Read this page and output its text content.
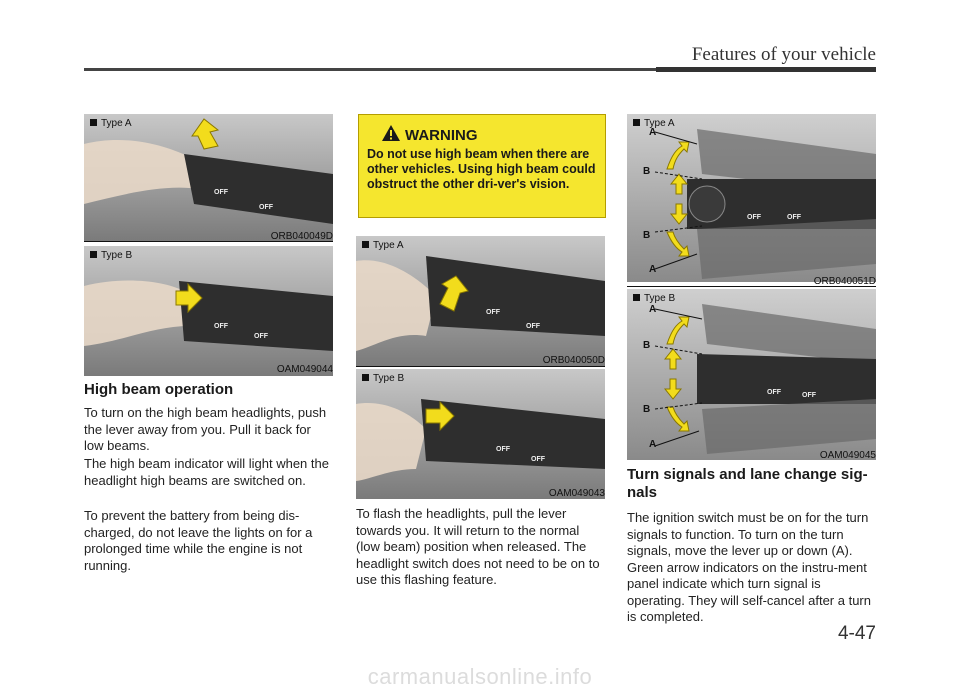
Features of your vehicle
OFF
OFF
Type A
ORB040049D
OFF
OFF
Type B
OAM049044
High beam operation

To turn on the high beam headlights, push the lever away from you. Pull it back for low beams.

The high beam indicator will light when the headlight high beams are switched on.

To prevent the battery from being dis-charged, do not leave the lights on for a prolonged time while the engine is not running.

WARNING
Do not use high beam when there are other vehicles. Using high beam could obstruct the other dri-ver's vision.
OFF
OFF
Type A
ORB040050D
OFF
OFF
Type B
OAM049043

To flash the headlights, pull the lever towards you. It will return to the normal (low beam) position when released. The headlight switch does not need to be on to use this flashing feature.

OFF	OFF
Type A
A
B
B
A
ORB040051D
OFF	OFF
Type B
A
B
B
A
OAM049045
Turn signals and lane change sig-nals

The ignition switch must be on for the turn signals to function. To turn on the turn signals, move the lever up or down (A). Green arrow indicators on the instru-ment panel indicate which turn signal is operating. They will self-cancel after a turn is completed.

4-47
carmanualsonline.info
